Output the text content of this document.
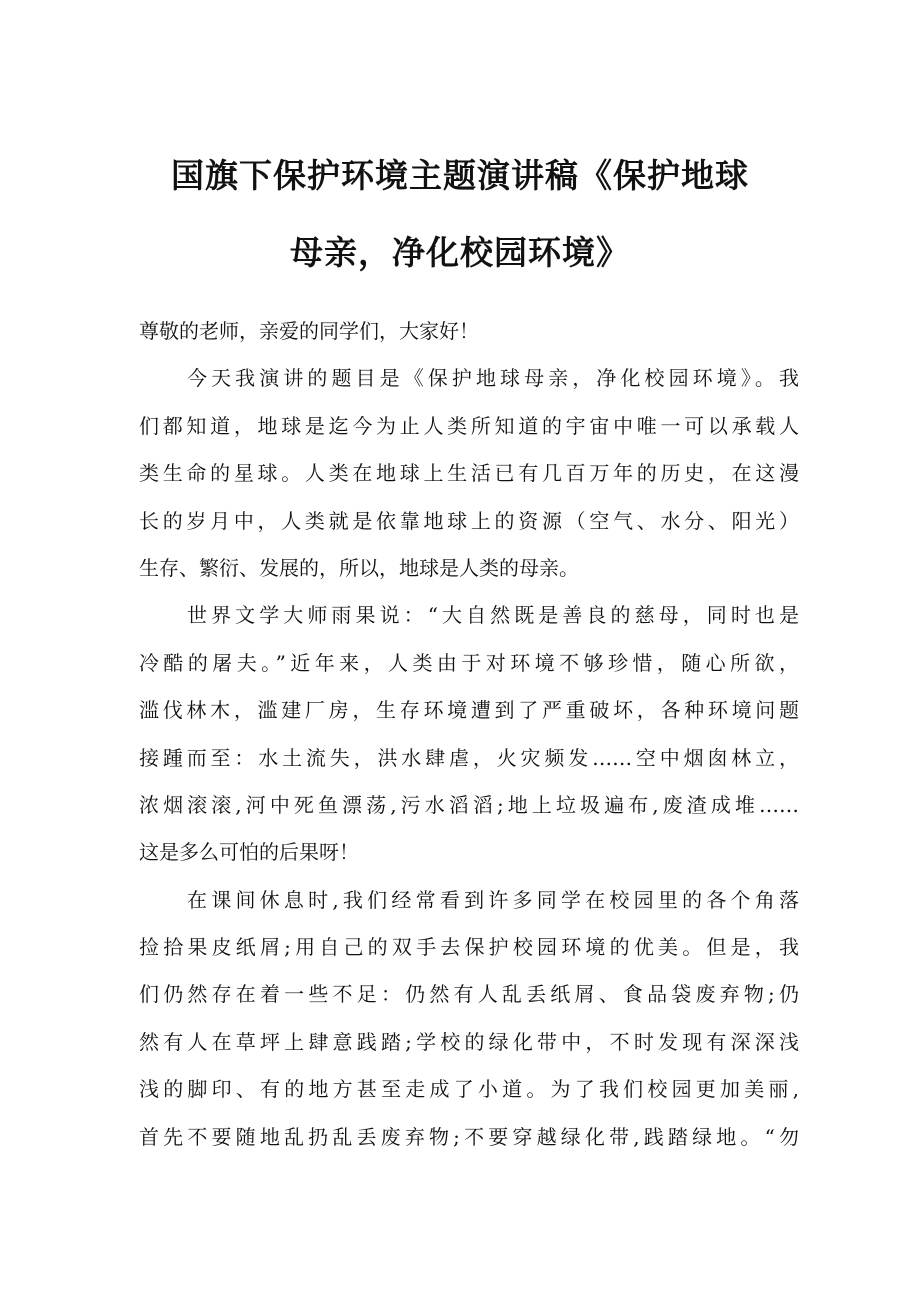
国旗下保护环境主题演讲稿《保护地球
母亲，净化校园环境》
尊敬的老师，亲爱的同学们，大家好！
今天我演讲的题目是《保护地球母亲，净化校园环境》。我
们都知道，地球是迄今为止人类所知道的宇宙中唯一可以承载人
类生命的星球。人类在地球上生活已有几百万年的历史，在这漫
长的岁月中，人类就是依靠地球上的资源（空气、水分、阳光）
生存、繁衍、发展的，所以，地球是人类的母亲。
世界文学大师雨果说：“大自然既是善良的慈母，同时也是
冷酷的屠夫。”近年来，人类由于对环境不够珍惜，随心所欲，
滥伐林木，滥建厂房，生存环境遭到了严重破坏，各种环境问题
接踵而至：水土流失，洪水肆虐，火灾频发……空中烟囱林立，
浓烟滚滚,河中死鱼漂荡,污水滔滔;地上垃圾遍布,废渣成堆……
这是多么可怕的后果呀！
在课间休息时,我们经常看到许多同学在校园里的各个角落
捡拾果皮纸屑;用自己的双手去保护校园环境的优美。但是，我
们仍然存在着一些不足：仍然有人乱丢纸屑、食品袋废弃物;仍
然有人在草坪上肆意践踏;学校的绿化带中，不时发现有深深浅
浅的脚印、有的地方甚至走成了小道。为了我们校园更加美丽,
首先不要随地乱扔乱丢废弃物;不要穿越绿化带,践踏绿地。“勿
